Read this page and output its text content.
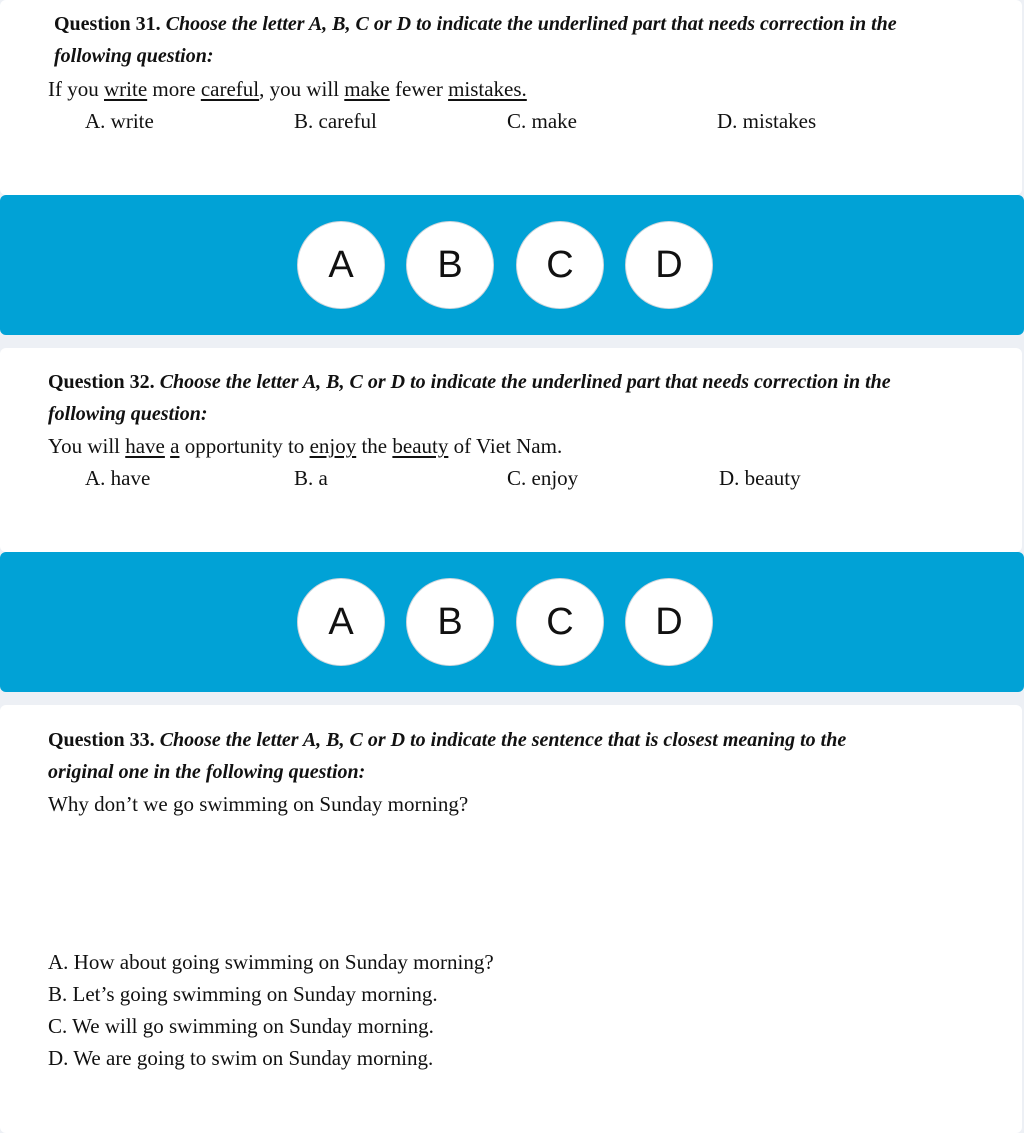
Question 31. Choose the letter A, B, C or D to indicate the underlined part that needs correction in the following question:
If you write more careful, you will make fewer mistakes.
A. write	B. careful	C. make	D. mistakes
A	B	C	D
Question 32. Choose the letter A, B, C or D to indicate the underlined part that needs correction in the following question:
You will have a opportunity to enjoy the beauty of Viet Nam.
A. have	B. a	C. enjoy	D. beauty
A	B	C	D
Question 33. Choose the letter A, B, C or D to indicate the sentence that is closest meaning to the original one in the following question:
Why don’t we go swimming on Sunday morning?
A. How about going swimming on Sunday morning?
B. Let’s going swimming on Sunday morning.
C. We will go swimming on Sunday morning.
D. We are going to swim on Sunday morning.
